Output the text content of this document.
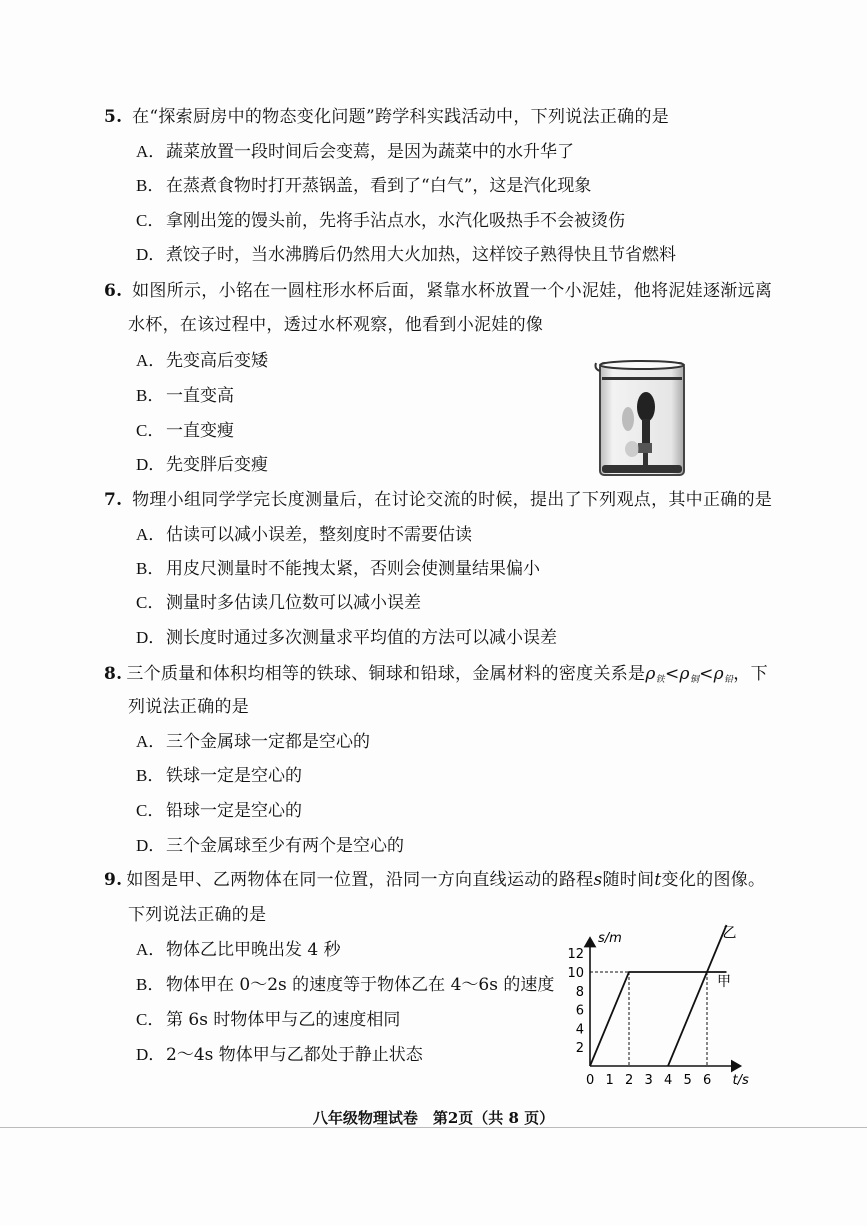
5. 在“探索厨房中的物态变化问题”跨学科实践活动中，下列说法正确的是
A．蔬菜放置一段时间后会变蔫，是因为蔬菜中的水升华了
B．在蒸煮食物时打开蒸锅盖，看到了“白气”，这是汽化现象
C．拿刚出笼的馒头前，先将手沾点水，水汽化吸热手不会被烫伤
D．煮饺子时，当水沸腾后仍然用大火加热，这样饺子熟得快且节省燃料
6. 如图所示，小铭在一圆柱形水杯后面，紧靠水杯放置一个小泥娃，他将泥娃逐渐远离
水杯，在该过程中，透过水杯观察，他看到小泥娃的像
A．先变高后变矮
B．一直变高
C．一直变瘦
D．先变胖后变瘦
7. 物理小组同学学完长度测量后，在讨论交流的时候，提出了下列观点，其中正确的是
A．估读可以减小误差，整刻度时不需要估读
B．用皮尺测量时不能拽太紧，否则会使测量结果偏小
C．测量时多估读几位数可以减小误差
D．测长度时通过多次测量求平均值的方法可以减小误差
8. 三个质量和体积均相等的铁球、铜球和铅球，金属材料的密度关系是$\rho_铁<\rho_铜<\rho_铅$，下
列说法正确的是
A．三个金属球一定都是空心的
B．铁球一定是空心的
C．铅球一定是空心的
D．三个金属球至少有两个是空心的
9. 如图是甲、乙两物体在同一位置，沿同一方向直线运动的路程s随时间t变化的图像。
下列说法正确的是
A．物体乙比甲晚出发 4 秒
B．物体甲在 0～2s 的速度等于物体乙在 4～6s 的速度
C．第 6s 时物体甲与乙的速度相同
D．2～4s 物体甲与乙都处于静止状态
s/m
t/s
0 1 2 3 4 5 6
2
4
6
8
10
12
甲
乙
八年级物理试卷　第2页（共 8 页）
